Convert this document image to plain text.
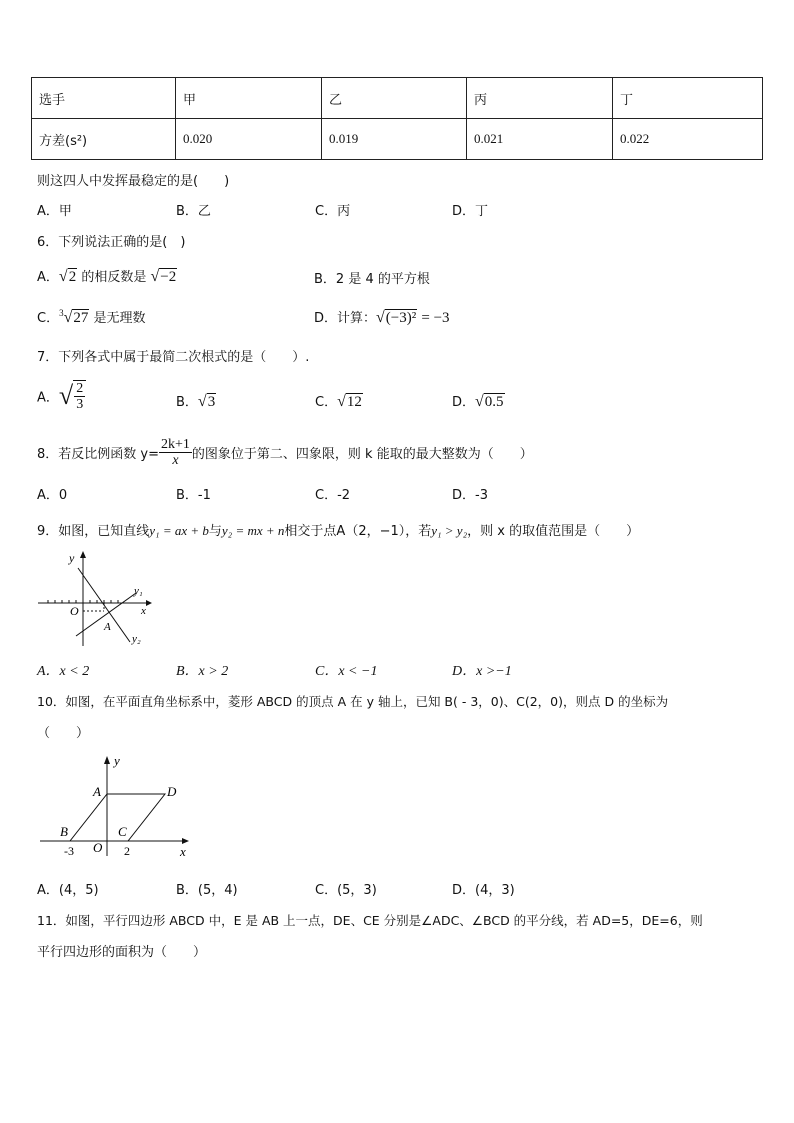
选手	甲	乙	丙	丁
方差(s²)	0.020	0.019	0.021	0.022
则这四人中发挥最稳定的是(　　)
A．甲	B．乙	C．丙	D．丁
6．下列说法正确的是(　)
A．√2 的相反数是 √−2	B．2 是 4 的平方根
C．$^3$√27 是无理数	D．计算：√(−3)² = −3
7．下列各式中属于最简二次根式的是（　　）.
A．√ $\frac{2}{3}$	B．√3	C．√12	D．√0.5
8．若反比例函数 $y= \frac{2k+1}{x}$ 的图象位于第二、四象限，则 k 能取的最大整数为（　　）
A．0	B．-1	C．-2	D．-3
9．如图，已知直线y₁ = ax + b与y₂ = mx + n相交于点A（2，−1），若y₁ > y₂，则 x 的取值范围是（　　）
y
x
O
A
y₁
y₂
A．x < 2	B．x > 2	C．x < −1	D．x >−1
10．如图，在平面直角坐标系中，菱形 ABCD 的顶点 A 在 y 轴上，已知 B( - 3，0)、C(2，0)，则点 D 的坐标为
（　　）
y
x
A	D
B	C
O
-3	2
A．(4，5)	B．(5，4)	C．(5，3)	D．(4，3)
11．如图，平行四边形 ABCD 中，E 是 AB 上一点，DE、CE 分别是∠ADC、∠BCD 的平分线，若 AD=5，DE=6，则
平行四边形的面积为（　　）
